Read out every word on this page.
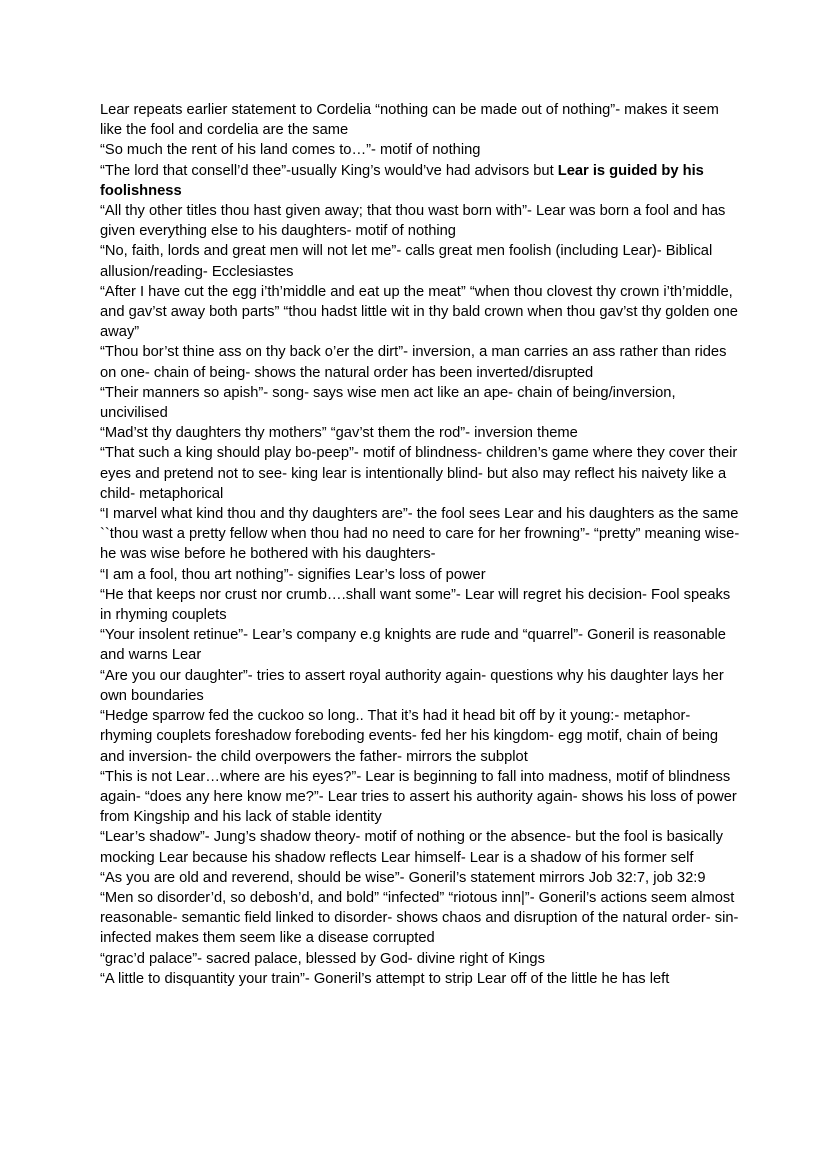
Lear repeats earlier statement to Cordelia “nothing can be made out of nothing”- makes it seem like the fool and cordelia are the same
“So much the rent of his land comes to…”- motif of nothing
“The lord that consell’d thee”-usually King’s would’ve had advisors but Lear is guided by his foolishness
“All thy other titles thou hast given away; that thou wast born with”- Lear was born a fool and has given everything else to his daughters- motif of nothing
“No, faith, lords and great men will not let me”- calls great men foolish (including Lear)- Biblical allusion/reading- Ecclesiastes
“After I have cut the egg i’th’middle and eat up the meat” “when thou clovest thy crown i’th’middle, and gav’st away both parts” “thou hadst little wit in thy bald crown when thou gav’st thy golden one away”
“Thou bor’st thine ass on thy back o’er the dirt”- inversion, a man carries an ass rather than rides on one- chain of being- shows the natural order has been inverted/disrupted
“Their manners so apish”- song- says wise men act like an ape- chain of being/inversion, uncivilised
“Mad’st thy daughters thy mothers” “gav’st them the rod”- inversion theme
“That such a king should play bo-peep”- motif of blindness- children’s game where they cover their eyes and pretend not to see- king lear is intentionally blind- but also may reflect his naivety like a child- metaphorical
“I marvel what kind thou and thy daughters are”- the fool sees Lear and his daughters as the same
``thou wast a pretty fellow when thou had no need to care for her frowning”- “pretty” meaning wise- he was wise before he bothered with his daughters-
“I am a fool, thou art nothing”- signifies Lear’s loss of power
“He that keeps nor crust nor crumb….shall want some”- Lear will regret his decision- Fool speaks in rhyming couplets
“Your insolent retinue”- Lear’s company e.g knights are rude and “quarrel”- Goneril is reasonable and warns Lear
“Are you our daughter”- tries to assert royal authority again- questions why his daughter lays her own boundaries
“Hedge sparrow fed the cuckoo so long.. That it’s had it head bit off by it young:- metaphor- rhyming couplets foreshadow foreboding events- fed her his kingdom- egg motif, chain of being and inversion- the child overpowers the father- mirrors the subplot
“This is not Lear…where are his eyes?”- Lear is beginning to fall into madness, motif of blindness again- “does any here know me?”- Lear tries to assert his authority again- shows his loss of power from Kingship and his lack of stable identity
“Lear’s shadow”- Jung’s shadow theory- motif of nothing or the absence- but the fool is basically mocking Lear because his shadow reflects Lear himself- Lear is a shadow of his former self
“As you are old and reverend, should be wise”- Goneril’s statement mirrors Job 32:7, job 32:9
“Men so disorder’d, so debosh’d, and bold” “infected” “riotous inn|”- Goneril’s actions seem almost reasonable- semantic field linked to disorder- shows chaos and disruption of the natural order- sin- infected makes them seem like a disease corrupted
“grac’d palace”- sacred palace, blessed by God- divine right of Kings
“A little to disquantity your train”- Goneril’s attempt to strip Lear off of the little he has left
